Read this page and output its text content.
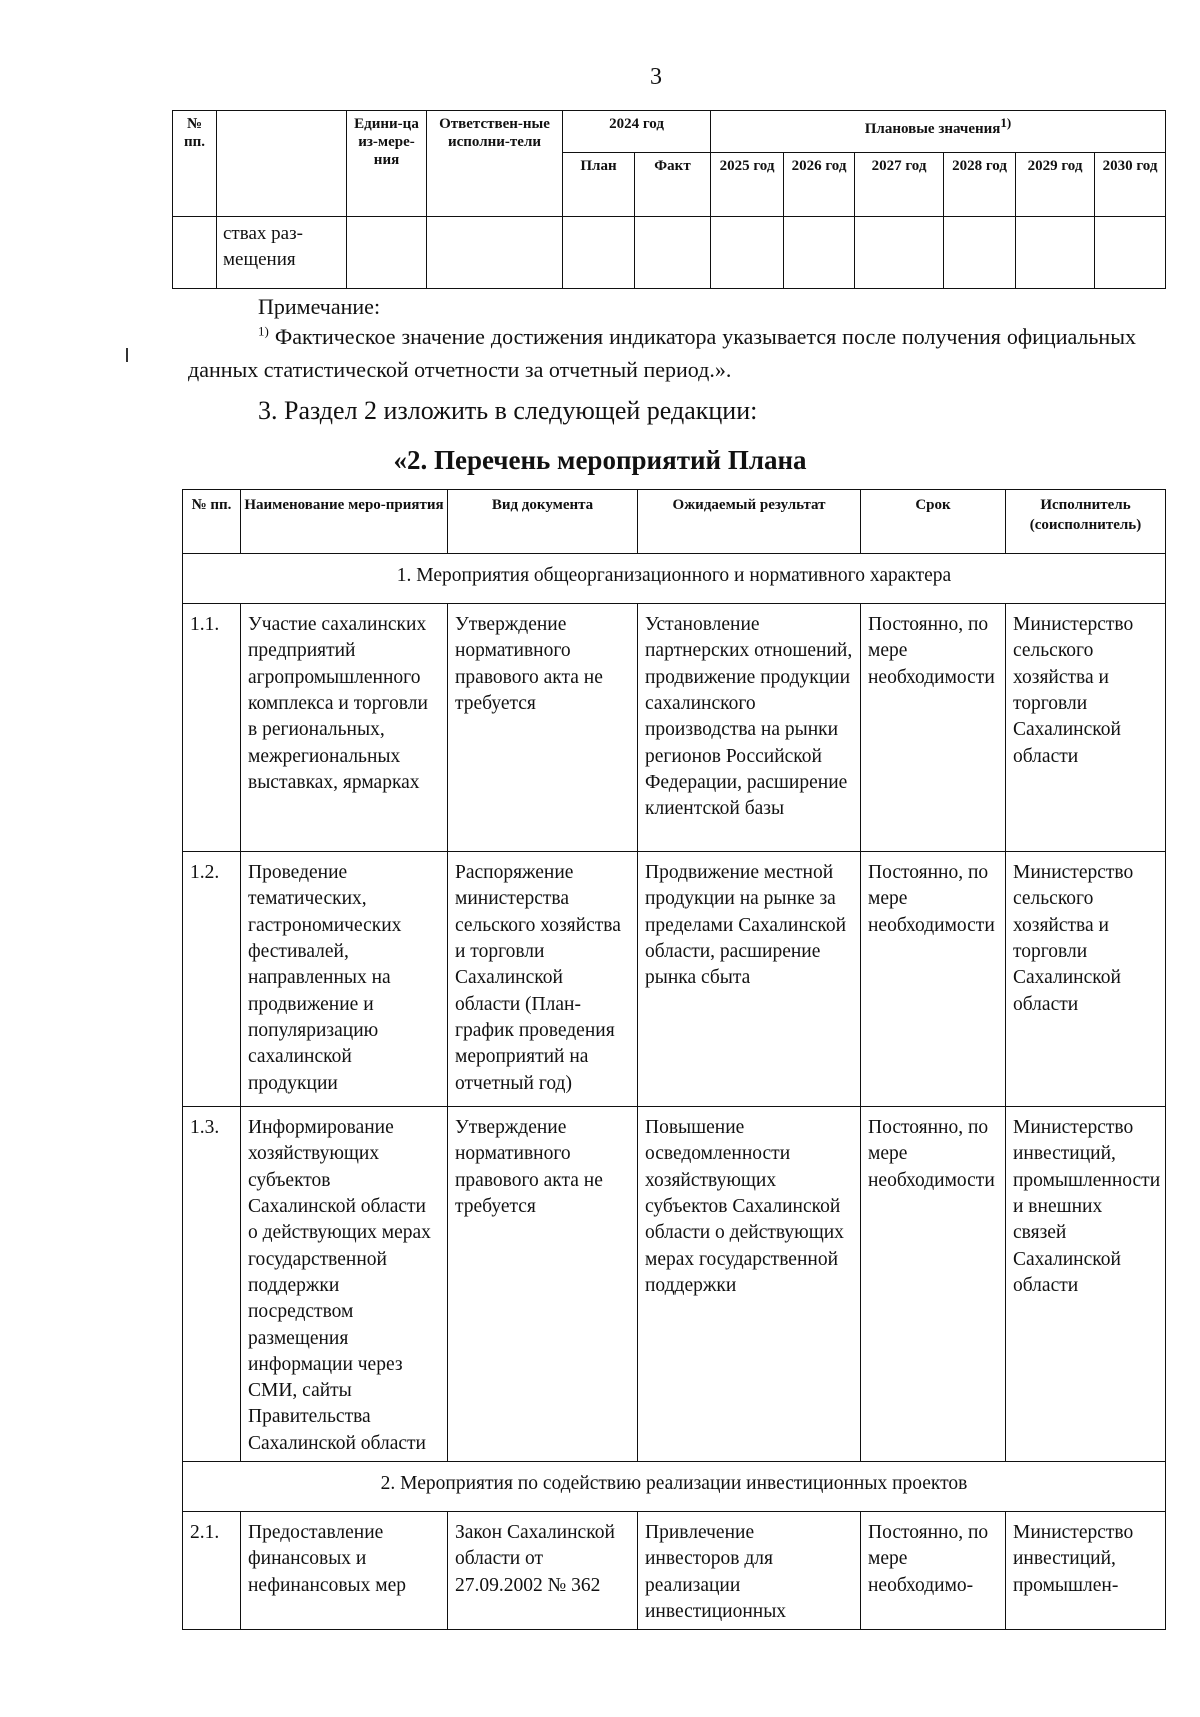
3
№ пп.		Едини-ца из-мере-ния	Ответствен-ные исполни-тели	2024 год		Плановые значения1)					
				План	Факт	2025 год	2026 год	2027 год	2028 год	2029 год	2030 год
	ствах раз-мещения										
Примечание:
$^{1)}$ Фактическое значение достижения индикатора указывается после получения официальных данных статистической отчетности за отчетный период.».
3. Раздел 2 изложить в следующей редакции:
«2. Перечень мероприятий Плана
№ пп.	Наименование меро-приятия	Вид документа	Ожидаемый результат	Срок	Исполнитель (соисполнитель)
1. Мероприятия общеорганизационного и нормативного характера					
1.1.	Участие сахалинских предприятий агропромышленного комплекса и торговли в региональных, межрегиональных выставках, ярмарках	Утверждение нормативного правового акта не требуется	Установление партнерских отношений, продвижение продукции сахалинского производства на рынки регионов Российской Федерации, расширение клиентской базы	Постоянно, по мере необходимости	Министерство сельского хозяйства и торговли Сахалинской области
1.2.	Проведение тематических, гастрономических фестивалей, направленных на продвижение и популяризацию сахалинской продукции	Распоряжение министерства сельского хозяйства и торговли Сахалинской области (План-график проведения мероприятий на отчетный год)	Продвижение местной продукции на рынке за пределами Сахалинской области, расширение рынка сбыта	Постоянно, по мере необходимости	Министерство сельского хозяйства и торговли Сахалинской области
1.3.	Информирование хозяйствующих субъектов Сахалинской области о действующих мерах государственной поддержки посредством размещения информации через СМИ, сайты Правительства Сахалинской области	Утверждение нормативного правового акта не требуется	Повышение осведомленности хозяйствующих субъектов Сахалинской области о действующих мерах государственной поддержки	Постоянно, по мере необходимости	Министерство инвестиций, промышленности и внешних связей Сахалинской области
2. Мероприятия по содействию реализации инвестиционных проектов					
2.1.	Предоставление финансовых и нефинансовых мер	Закон Сахалинской области от 27.09.2002 № 362	Привлечение инвесторов для реализации инвестиционных	Постоянно, по мере необходимо-	Министерство инвестиций, промышлен-
